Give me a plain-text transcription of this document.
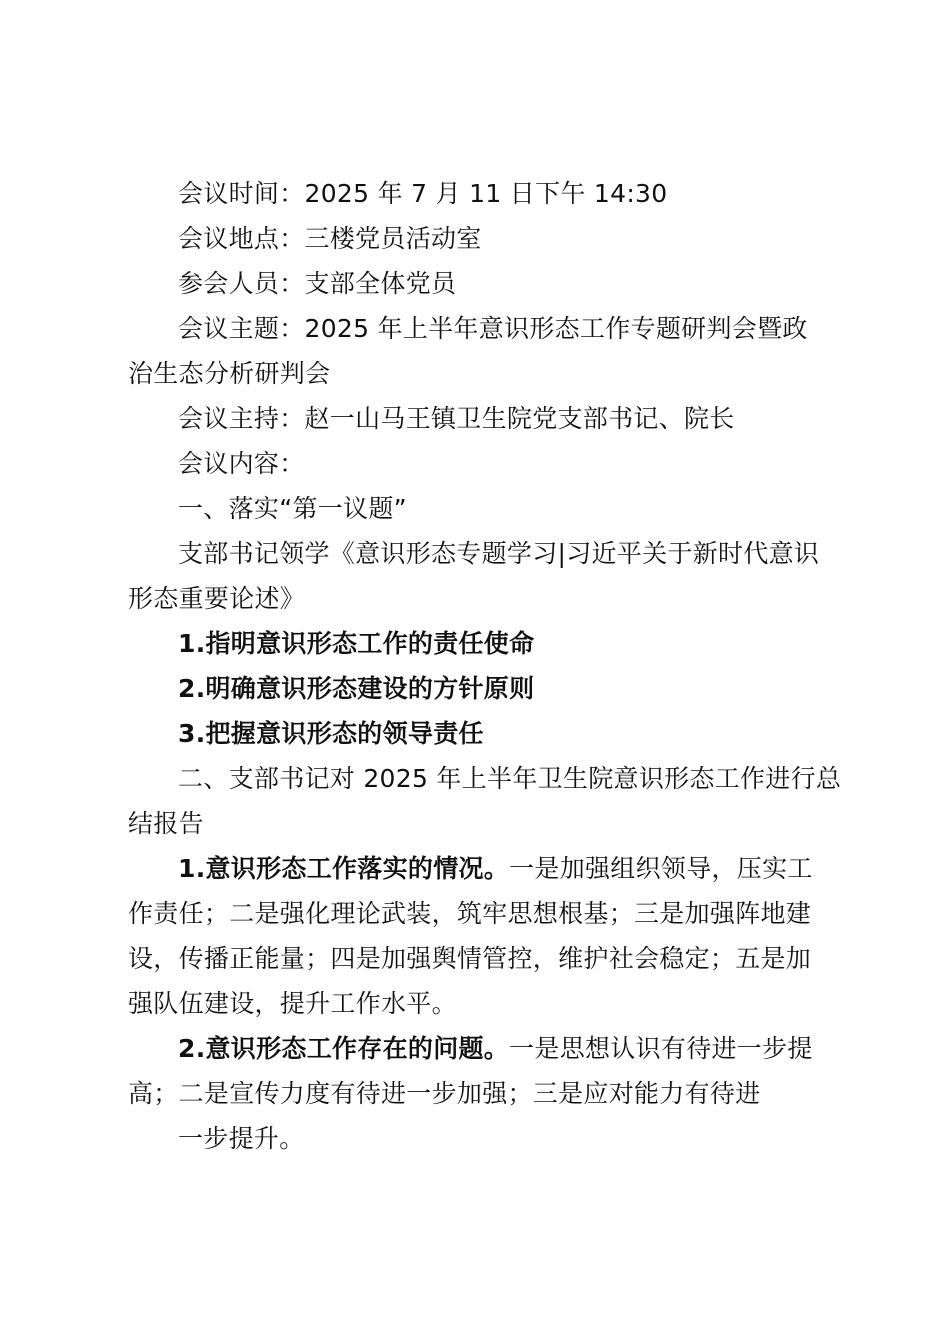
会议时间：2025 年 7 月 11 日下午 14:30
会议地点：三楼党员活动室
参会人员：支部全体党员
会议主题：2025 年上半年意识形态工作专题研判会暨政
治生态分析研判会
会议主持：赵一山马王镇卫生院党支部书记、院长
会议内容：
一、落实“第一议题”
支部书记领学《意识形态专题学习|习近平关于新时代意识
形态重要论述》
1.指明意识形态工作的责任使命
2.明确意识形态建设的方针原则
3.把握意识形态的领导责任
二、支部书记对 2025 年上半年卫生院意识形态工作进行总
结报告
1.意识形态工作落实的情况。一是加强组织领导，压实工
作责任；二是强化理论武装，筑牢思想根基；三是加强阵地建
设，传播正能量；四是加强舆情管控，维护社会稳定；五是加
强队伍建设，提升工作水平。
2.意识形态工作存在的问题。一是思想认识有待进一步提
高；二是宣传力度有待进一步加强；三是应对能力有待进
一步提升。
